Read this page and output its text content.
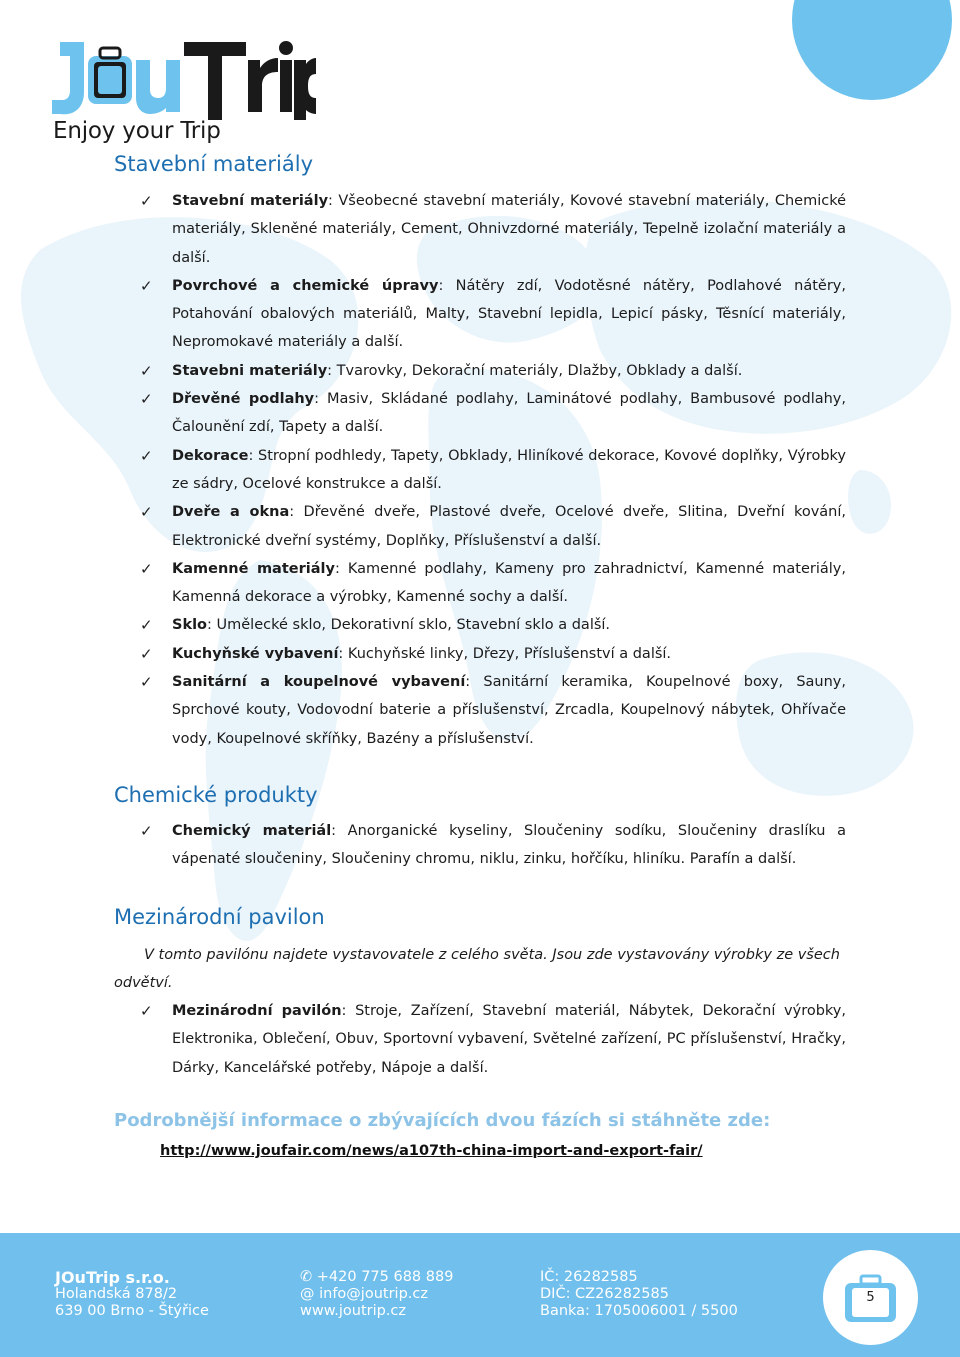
Enjoy your Trip
Stavební materiály
✓ Stavební materiály: Všeobecné stavební materiály, Kovové stavební materiály, Chemické materiály, Skleněné materiály, Cement, Ohnivzdorné materiály, Tepelně izolační materiály a další.
✓ Povrchové a chemické úpravy: Nátěry zdí, Vodotěsné nátěry, Podlahové nátěry, Potahování obalových materiálů, Malty, Stavební lepidla, Lepicí pásky, Těsnící materiály, Nepromokavé materiály a další.
✓ Stavebni materiály: Tvarovky, Dekorační materiály, Dlažby, Obklady a další.
✓ Dřevěné podlahy: Masiv, Skládané podlahy, Laminátové podlahy, Bambusové podlahy, Čalounění zdí, Tapety a další.
✓ Dekorace: Stropní podhledy, Tapety, Obklady, Hliníkové dekorace, Kovové doplňky, Výrobky ze sádry, Ocelové konstrukce a další.
✓ Dveře a okna: Dřevěné dveře, Plastové dveře, Ocelové dveře, Slitina, Dveřní kování, Elektronické dveřní systémy, Doplňky, Příslušenství a další.
✓ Kamenné materiály: Kamenné podlahy, Kameny pro zahradnictví, Kamenné materiály, Kamenná dekorace a výrobky, Kamenné sochy a další.
✓ Sklo: Umělecké sklo, Dekorativní sklo, Stavební sklo a další.
✓ Kuchyňské vybavení: Kuchyňské linky, Dřezy, Příslušenství a další.
✓ Sanitární a koupelnové vybavení: Sanitární keramika, Koupelnové boxy, Sauny, Sprchové kouty, Vodovodní baterie a příslušenství, Zrcadla, Koupelnový nábytek, Ohřívače vody, Koupelnové skříňky, Bazény a příslušenství.
Chemické produkty
✓ Chemický materiál: Anorganické kyseliny, Sloučeniny sodíku, Sloučeniny draslíku a vápenaté sloučeniny, Sloučeniny chromu, niklu, zinku, hořčíku, hliníku. Parafín a další.
Mezinárodní pavilon

V tomto pavilónu najdete vystavovatele z celého světa. Jsou zde vystavovány výrobky ze všech odvětví.

✓ Mezinárodní pavilón: Stroje, Zařízení, Stavební materiál, Nábytek, Dekorační výrobky, Elektronika, Oblečení, Obuv, Sportovní vybavení, Světelné zařízení, PC příslušenství, Hračky, Dárky, Kancelářské potřeby, Nápoje a další.
Podrobnější informace o zbývajících dvou fázích si stáhněte zde:
http://www.joufair.com/news/a107th-china-import-and-export-fair/
JOuTrip s.r.o.
Holandská 878/2
639 00 Brno - Štýřice
✆ +420 775 688 889
@ info@joutrip.cz
www.joutrip.cz
IČ: 26282585
DIČ: CZ26282585
Banka: 1705006001 / 5500
5
